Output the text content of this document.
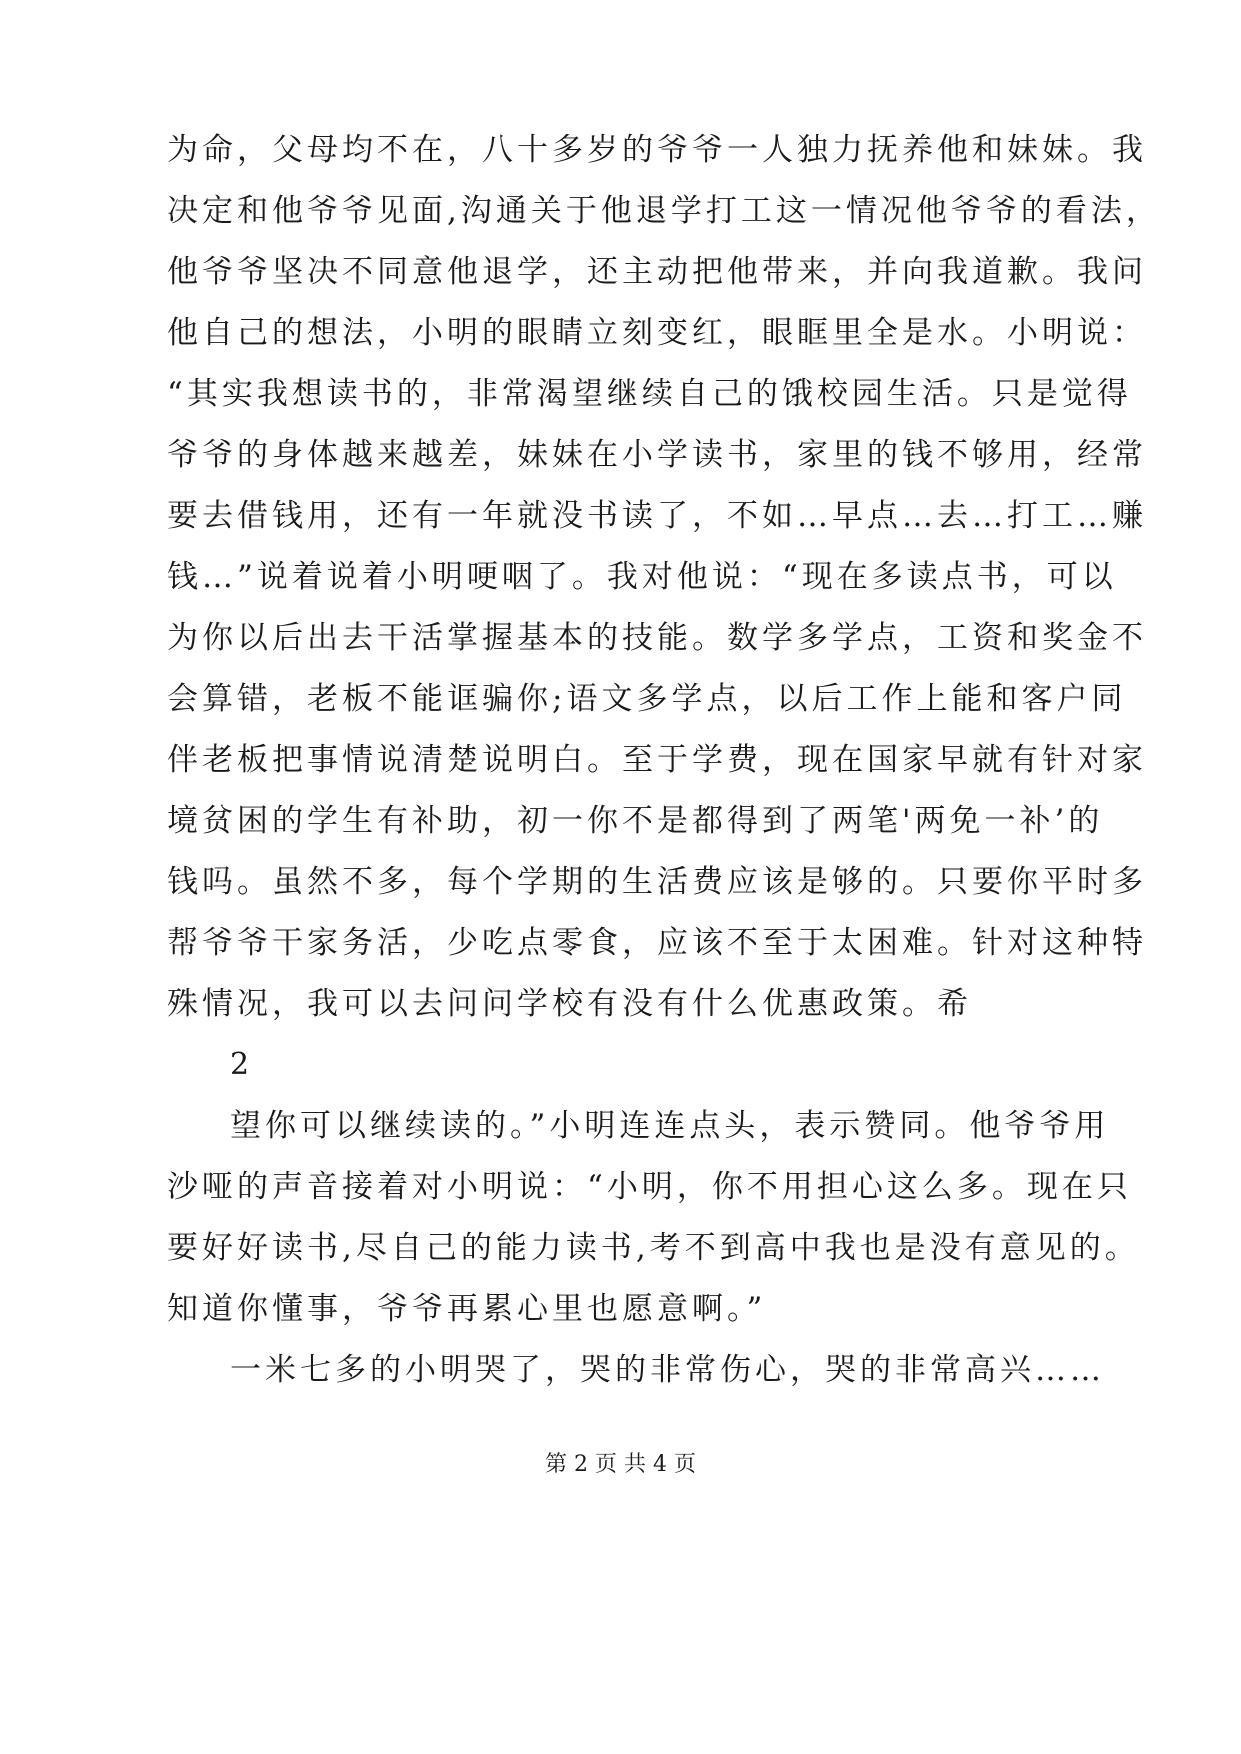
为命，父母均不在，八十多岁的爷爷一人独力抚养他和妹妹。我
决定和他爷爷见面,沟通关于他退学打工这一情况他爷爷的看法，
他爷爷坚决不同意他退学，还主动把他带来，并向我道歉。我问
他自己的想法，小明的眼睛立刻变红，眼眶里全是水。小明说：
“其实我想读书的，非常渴望继续自己的饿校园生活。只是觉得
爷爷的身体越来越差，妹妹在小学读书，家里的钱不够用，经常
要去借钱用，还有一年就没书读了，不如…早点…去…打工…赚
钱…”说着说着小明哽咽了。我对他说：“现在多读点书，可以
为你以后出去干活掌握基本的技能。数学多学点，工资和奖金不
会算错，老板不能诓骗你;语文多学点，以后工作上能和客户同
伴老板把事情说清楚说明白。至于学费，现在国家早就有针对家
境贫困的学生有补助，初一你不是都得到了两笔'两免一补’的
钱吗。虽然不多，每个学期的生活费应该是够的。只要你平时多
帮爷爷干家务活，少吃点零食，应该不至于太困难。针对这种特
殊情况，我可以去问问学校有没有什么优惠政策。希
2
望你可以继续读的。”小明连连点头，表示赞同。他爷爷用
沙哑的声音接着对小明说：“小明，你不用担心这么多。现在只
要好好读书,尽自己的能力读书,考不到高中我也是没有意见的。
知道你懂事，爷爷再累心里也愿意啊。”
第 2 页 共 4 页
一米七多的小明哭了，哭的非常伤心，哭的非常高兴……
